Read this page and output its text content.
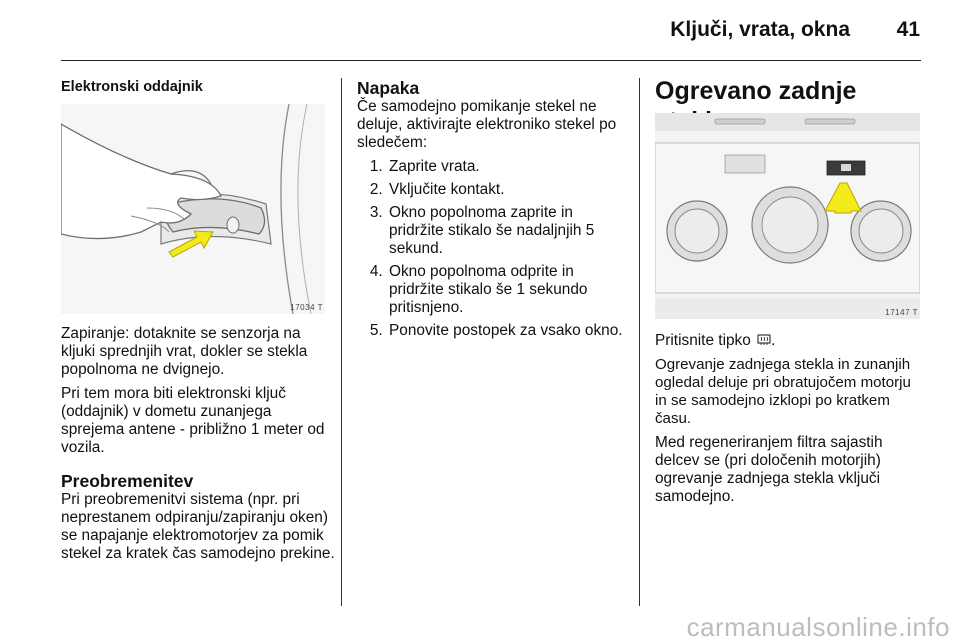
Ključi, vrata, okna	41
Elektronski oddajnik
17034 T

Zapiranje: dotaknite se senzorja na kljuki sprednjih vrat, dokler se stekla popolnoma ne dvignejo.

Pri tem mora biti elektronski ključ (oddajnik) v dometu zunanjega sprejema antene - približno 1 meter od vozila.

Preobremenitev

Pri preobremenitvi sistema (npr. pri neprestanem odpiranju/zapiranju oken) se napajanje elektromotorjev za pomik stekel za kratek čas samodejno prekine.

Napaka

Če samodejno pomikanje stekel ne deluje, aktivirajte elektroniko stekel po sledečem:

1. Zaprite vrata.
2. Vključite kontakt.
3. Okno popolnoma zaprite in pridržite stikalo še nadaljnjih 5 sekund.
4. Okno popolnoma odprite in pridržite stikalo še 1 sekundo pritisnjeno.
5. Ponovite postopek za vsako okno.
Ogrevano zadnje
17147 T

Pritisnite tipko .

Ogrevanje zadnjega stekla in zunanjih ogledal deluje pri obratujočem motorju in se samodejno izklopi po kratkem času.

Med regeneriranjem filtra sajastih delcev se (pri določenih motorjih) ogrevanje zadnjega stekla vključi samodejno.

carmanualsonline.info
